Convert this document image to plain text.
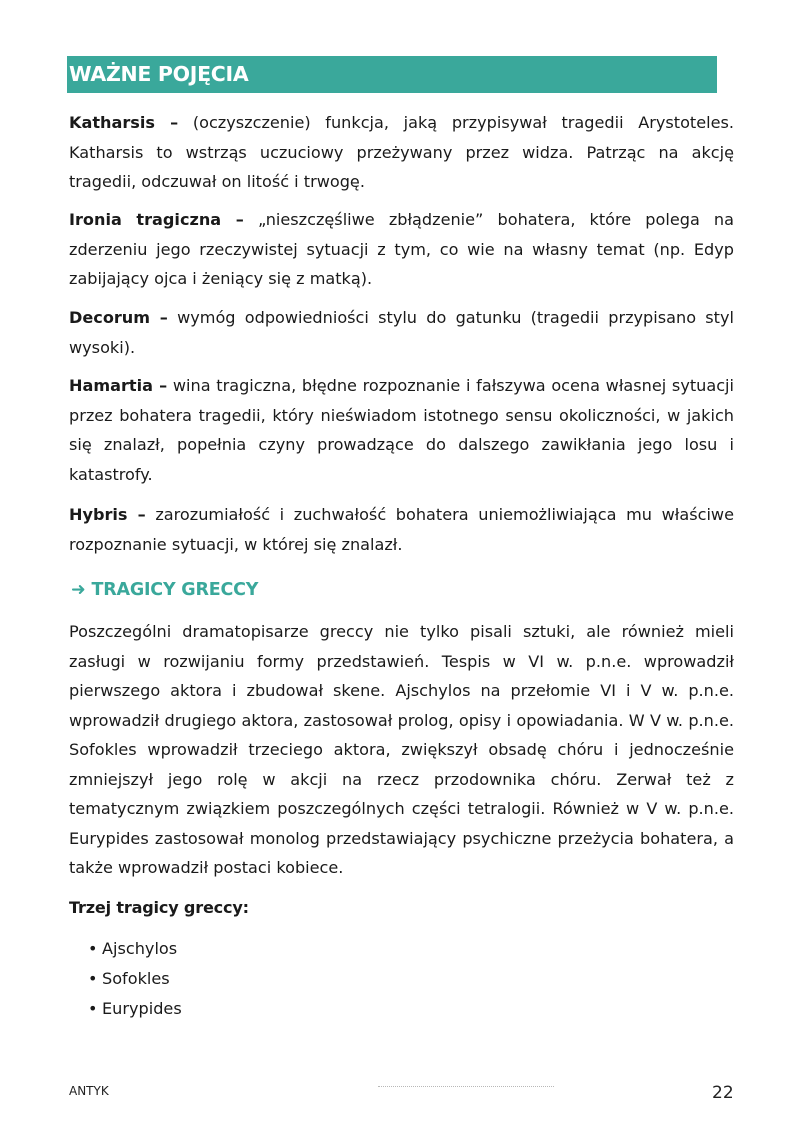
WAŻNE POJĘCIA

Katharsis – (oczyszczenie) funkcja, jaką przypisywał tragedii Arystoteles. Katharsis to wstrząs uczuciowy przeżywany przez widza. Patrząc na akcję tragedii, odczuwał on litość i trwogę.

Ironia tragiczna – „nieszczęśliwe zbłądzenie” bohatera, które polega na zderzeniu jego rzeczywistej sytuacji z tym, co wie na własny temat (np. Edyp zabijający ojca i żeniący się z matką).

Decorum – wymóg odpowiedniości stylu do gatunku (tragedii przypisano styl wysoki).

Hamartia – wina tragiczna, błędne rozpoznanie i fałszywa ocena własnej sytuacji przez bohatera tragedii, który nieświadom istotnego sensu okoliczności, w jakich się znalazł, popełnia czyny prowadzące do dalszego zawikłania jego losu i katastrofy.

Hybris – zarozumiałość i zuchwałość bohatera uniemożliwiająca mu właściwe rozpoznanie sytuacji, w której się znalazł.

➜ TRAGICY GRECCY

Poszczególni dramatopisarze greccy nie tylko pisali sztuki, ale również mieli zasługi w rozwijaniu formy przedstawień. Tespis w VI w. p.n.e. wprowadził pierwszego aktora i zbudował skene. Ajschylos na przełomie VI i V w. p.n.e. wprowadził drugiego aktora, zastosował prolog, opisy i opowiadania. W V w. p.n.e. Sofokles wprowadził trzeciego aktora, zwiększył obsadę chóru i jednocześnie zmniejszył jego rolę w akcji na rzecz przodownika chóru. Zerwał też z tematycznym związkiem poszczególnych części tetralogii. Również w V w. p.n.e. Eurypides zastosował monolog przedstawiający psychiczne przeżycia bohatera, a także wprowadził postaci kobiece.

Trzej tragicy greccy:
• Ajschylos
• Sofokles
• Eurypides
ANTYK	22
